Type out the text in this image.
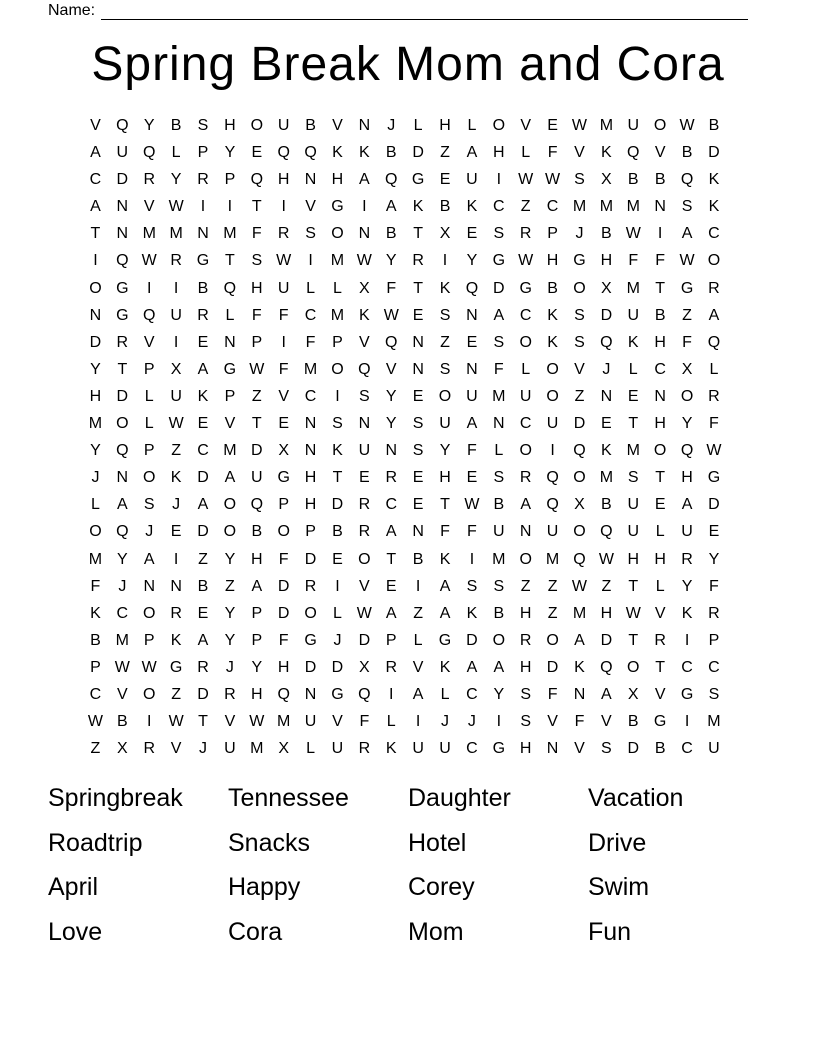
Name:
Spring Break Mom and Cora
V Q Y	B	S H O U B	V N	J	L	H	L	O V	E W M U O W B
A U Q	L	P	Y	E Q Q K	K	B D	Z	A H	L	F	V	K Q V	B D
C D R Y R P Q H N H A Q G E U	I	W W S	X	B	B Q K
A N V W	I	I	T	I	V G	I	A	K	B	K C	Z	C M M M N S	K
T	N M M N M F	R S O N B	T	X	E	S R P	J	B W	I	A C
I	Q W R G T	S W	I	M W Y R	I	Y G W H G H	F	F W O
O G	I	I	B Q H U	L	L	X	F	T	K Q D G B O X M T G R
N G Q U R	L	F	F	C M K W E	S N A C K	S D U B	Z	A
D R V	I	E N P	I	F	P	V Q N	Z	E	S O K	S Q K H	F Q
Y	T	P	X	A G W F M O Q V N S N	F	L	O V	J	L	C X	L
H D	L	U K	P	Z	V C	I	S	Y	E O U M U O Z	N E N O R
M O	L W E	V	T	E N S N Y	S U A N C U D E	T	H Y	F
Y Q P	Z	C M D X N K U N S	Y	F	L	O	I	Q K M O Q W
J	N O K D A U G H	T	E R E H E	S R Q O M S	T	H G
L	A	S	J	A O Q P H D R C E	T W B	A Q X	B U E	A D
O Q	J	E D O B O P	B R A N	F	F	U N U O Q U	L	U E
M Y	A	I	Z	Y H	F	D E O T	B	K	I	M O M Q W H H R Y
F	J	N N B	Z	A D R	I	V	E	I	A	S	S	Z	Z W Z	T	L	Y	F
K C O R E	Y	P D O	L W A	Z	A	K	B H	Z M H W V	K R
B M P	K	A	Y	P	F G	J	D P	L	G D O R O A D	T	R	I	P
P W W G R	J	Y H D D X R V	K	A	A H D K Q O T	C C
C V O Z	D R H Q N G Q	I	A	L	C Y	S	F	N A	X	V G S
W B	I	W T	V W M U V	F	L	I	J	J	I	S	V	F	V	B G	I	M
Z	X R V	J	U M X	L	U R K U U C G H N V	S D B C U
Springbreak	Tennessee	Daughter	Vacation
Roadtrip	Snacks	Hotel	Drive
April	Happy	Corey	Swim
Love	Cora	Mom	Fun
